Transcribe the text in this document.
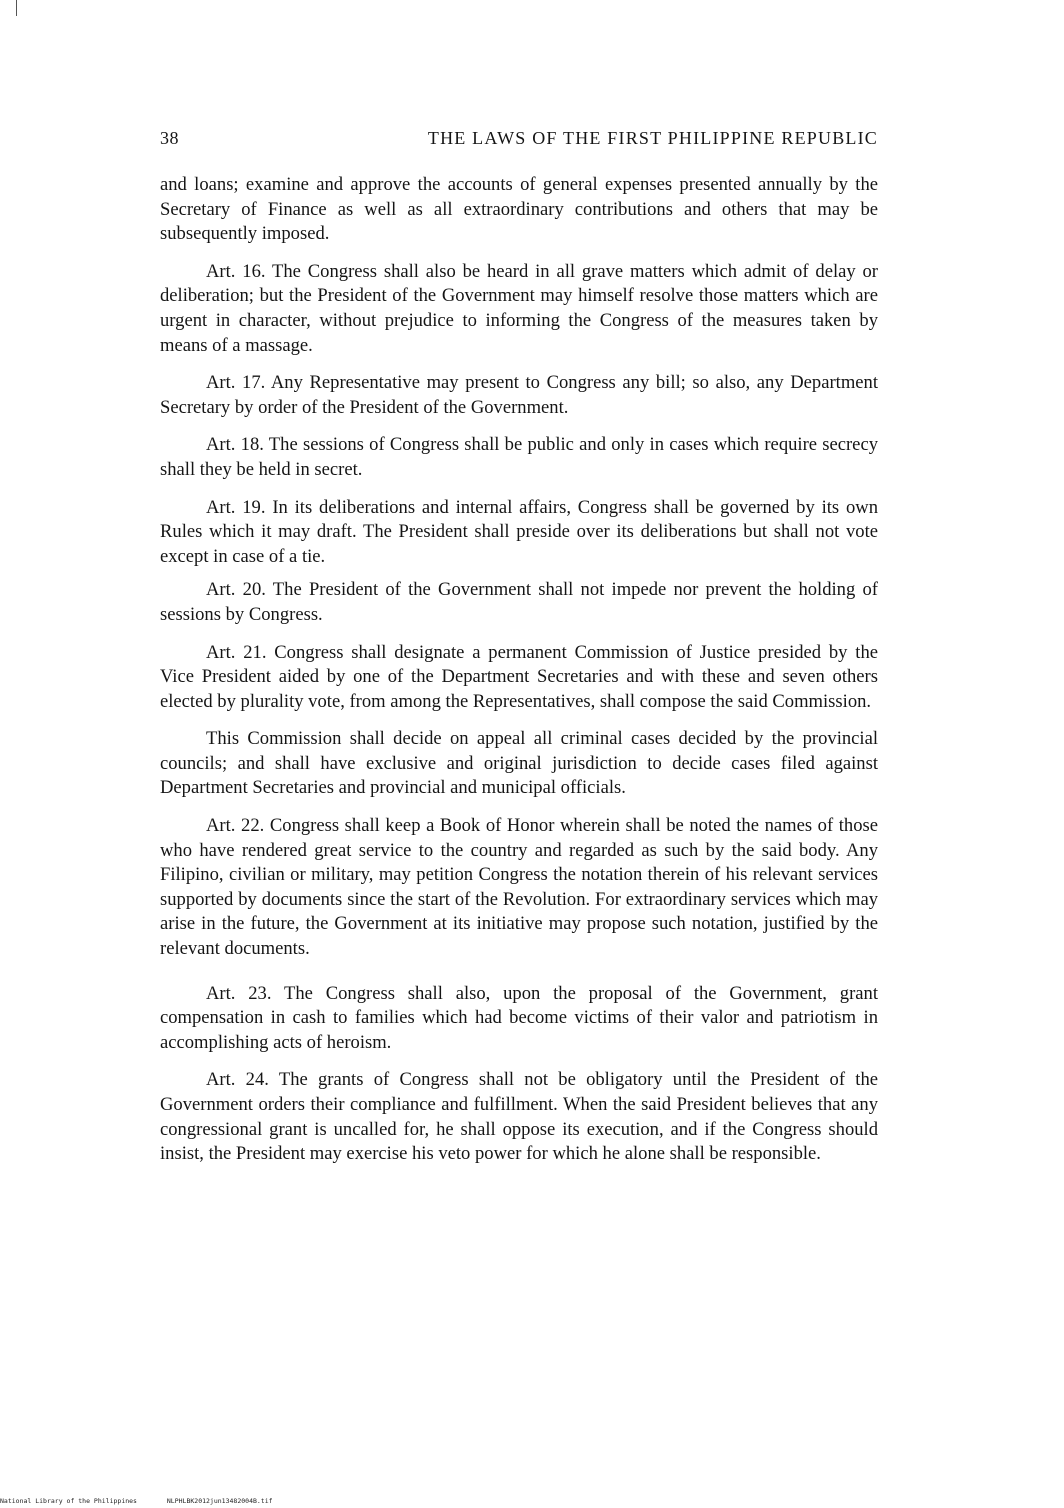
38	THE LAWS OF THE FIRST PHILIPPINE REPUBLIC

and loans; examine and approve the accounts of general expenses presented annually by the Secretary of Finance as well as all extraordinary contributions and others that may be subsequently imposed.

Art. 16. The Congress shall also be heard in all grave matters which admit of delay or deliberation; but the President of the Government may himself resolve those matters which are urgent in character, without prejudice to informing the Congress of the measures taken by means of a massage.

Art. 17. Any Representative may present to Congress any bill; so also, any Department Secretary by order of the President of the Government.

Art. 18. The sessions of Congress shall be public and only in cases which require secrecy shall they be held in secret.

Art. 19. In its deliberations and internal affairs, Congress shall be governed by its own Rules which it may draft. The President shall preside over its deliberations but shall not vote except in case of a tie.

Art. 20. The President of the Government shall not impede nor prevent the holding of sessions by Congress.

Art. 21. Congress shall designate a permanent Commission of Justice presided by the Vice President aided by one of the Department Secretaries and with these and seven others elected by plurality vote, from among the Representatives, shall compose the said Commission.

This Commission shall decide on appeal all criminal cases decided by the provincial councils; and shall have exclusive and original jurisdiction to decide cases filed against Department Secretaries and provincial and municipal officials.

Art. 22. Congress shall keep a Book of Honor wherein shall be noted the names of those who have rendered great service to the country and regarded as such by the said body. Any Filipino, civilian or military, may petition Congress the notation therein of his relevant services supported by documents since the start of the Revolution. For extraordinary services which may arise in the future, the Government at its initiative may propose such notation, justified by the relevant documents.

Art. 23. The Congress shall also, upon the proposal of the Government, grant compensation in cash to families which had become victims of their valor and patriotism in accomplishing acts of heroism.

Art. 24. The grants of Congress shall not be obligatory until the President of the Government orders their compliance and fulfillment. When the said President believes that any congressional grant is uncalled for, he shall oppose its execution, and if the Congress should insist, the President may exercise his veto power for which he alone shall be responsible.

National Library of the Philippines	NLPHLBK2012jun13482004B.tif
